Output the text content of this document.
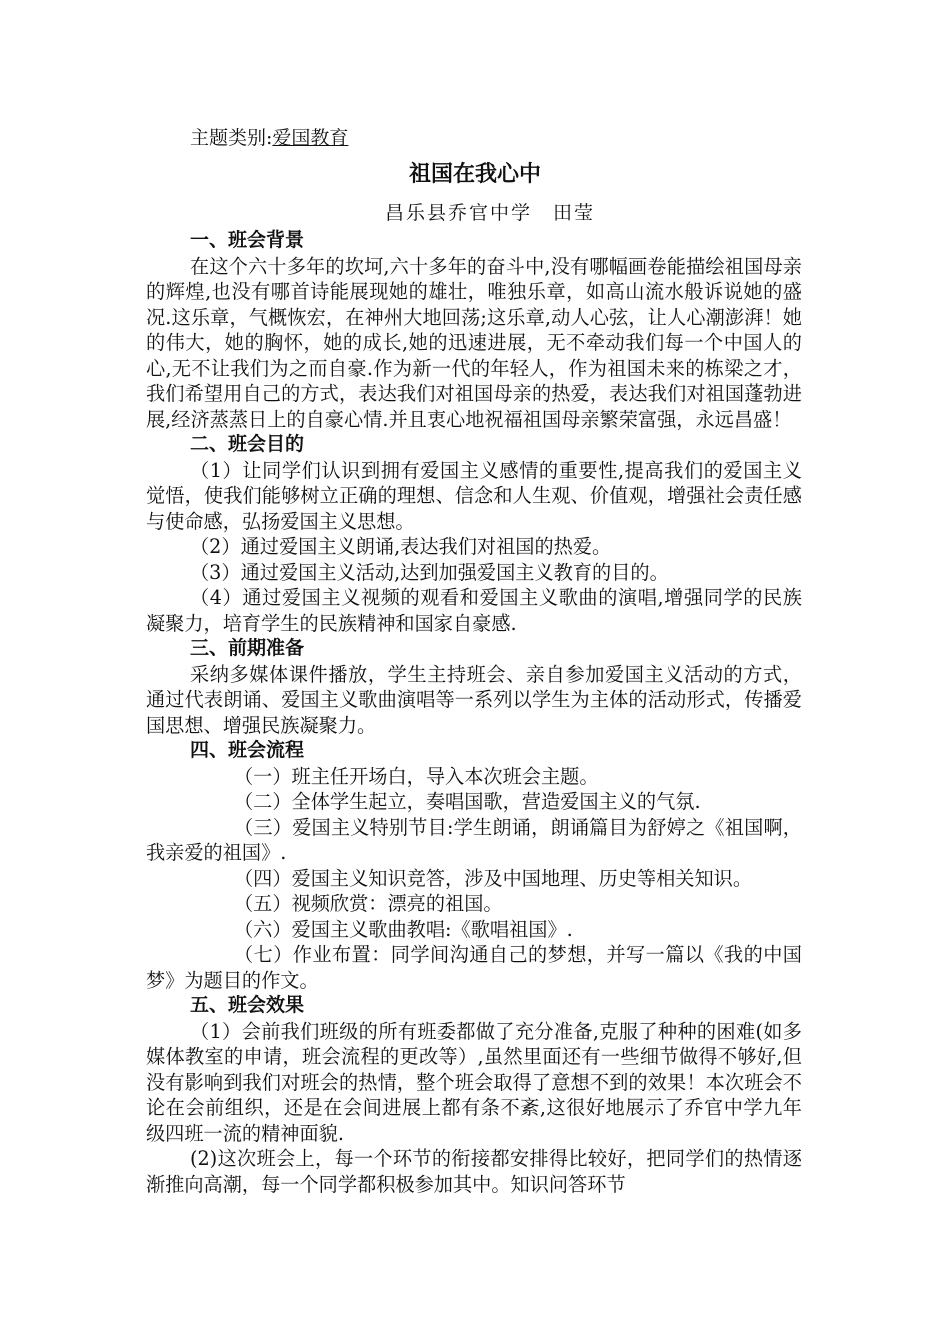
主题类别:爱国教育
祖国在我心中
昌乐县乔官中学　田莹
一、班会背景
在这个六十多年的坎坷,六十多年的奋斗中,没有哪幅画卷能描绘祖国母亲的辉煌,也没有哪首诗能展现她的雄壮，唯独乐章，如高山流水般诉说她的盛况.这乐章，气概恢宏，在神州大地回荡;这乐章,动人心弦，让人心潮澎湃！她的伟大，她的胸怀，她的成长,她的迅速进展，无不牵动我们每一个中国人的心,无不让我们为之而自豪.作为新一代的年轻人，作为祖国未来的栋梁之才，我们希望用自己的方式，表达我们对祖国母亲的热爱，表达我们对祖国蓬勃进展,经济蒸蒸日上的自豪心情.并且衷心地祝福祖国母亲繁荣富强，永远昌盛！
二、班会目的
（1）让同学们认识到拥有爱国主义感情的重要性,提高我们的爱国主义觉悟，使我们能够树立正确的理想、信念和人生观、价值观，增强社会责任感与使命感，弘扬爱国主义思想。
（2）通过爱国主义朗诵,表达我们对祖国的热爱。
（3）通过爱国主义活动,达到加强爱国主义教育的目的。
（4）通过爱国主义视频的观看和爱国主义歌曲的演唱,增强同学的民族凝聚力，培育学生的民族精神和国家自豪感.
三、前期准备
采纳多媒体课件播放，学生主持班会、亲自参加爱国主义活动的方式，通过代表朗诵、爱国主义歌曲演唱等一系列以学生为主体的活动形式，传播爱国思想、增强民族凝聚力。
四、班会流程
（一）班主任开场白，导入本次班会主题。
（二）全体学生起立，奏唱国歌，营造爱国主义的气氛.
（三）爱国主义特别节目:学生朗诵，朗诵篇目为舒婷之《祖国啊，我亲爱的祖国》.
（四）爱国主义知识竞答，涉及中国地理、历史等相关知识。
（五）视频欣赏：漂亮的祖国。
（六）爱国主义歌曲教唱:《歌唱祖国》.
（七）作业布置：同学间沟通自己的梦想，并写一篇以《我的中国梦》为题目的作文。
五、班会效果
（1）会前我们班级的所有班委都做了充分准备,克服了种种的困难(如多媒体教室的申请，班会流程的更改等）,虽然里面还有一些细节做得不够好,但没有影响到我们对班会的热情，整个班会取得了意想不到的效果！本次班会不论在会前组织，还是在会间进展上都有条不紊,这很好地展示了乔官中学九年级四班一流的精神面貌.
(2)这次班会上，每一个环节的衔接都安排得比较好，把同学们的热情逐渐推向高潮，每一个同学都积极参加其中。知识问答环节
